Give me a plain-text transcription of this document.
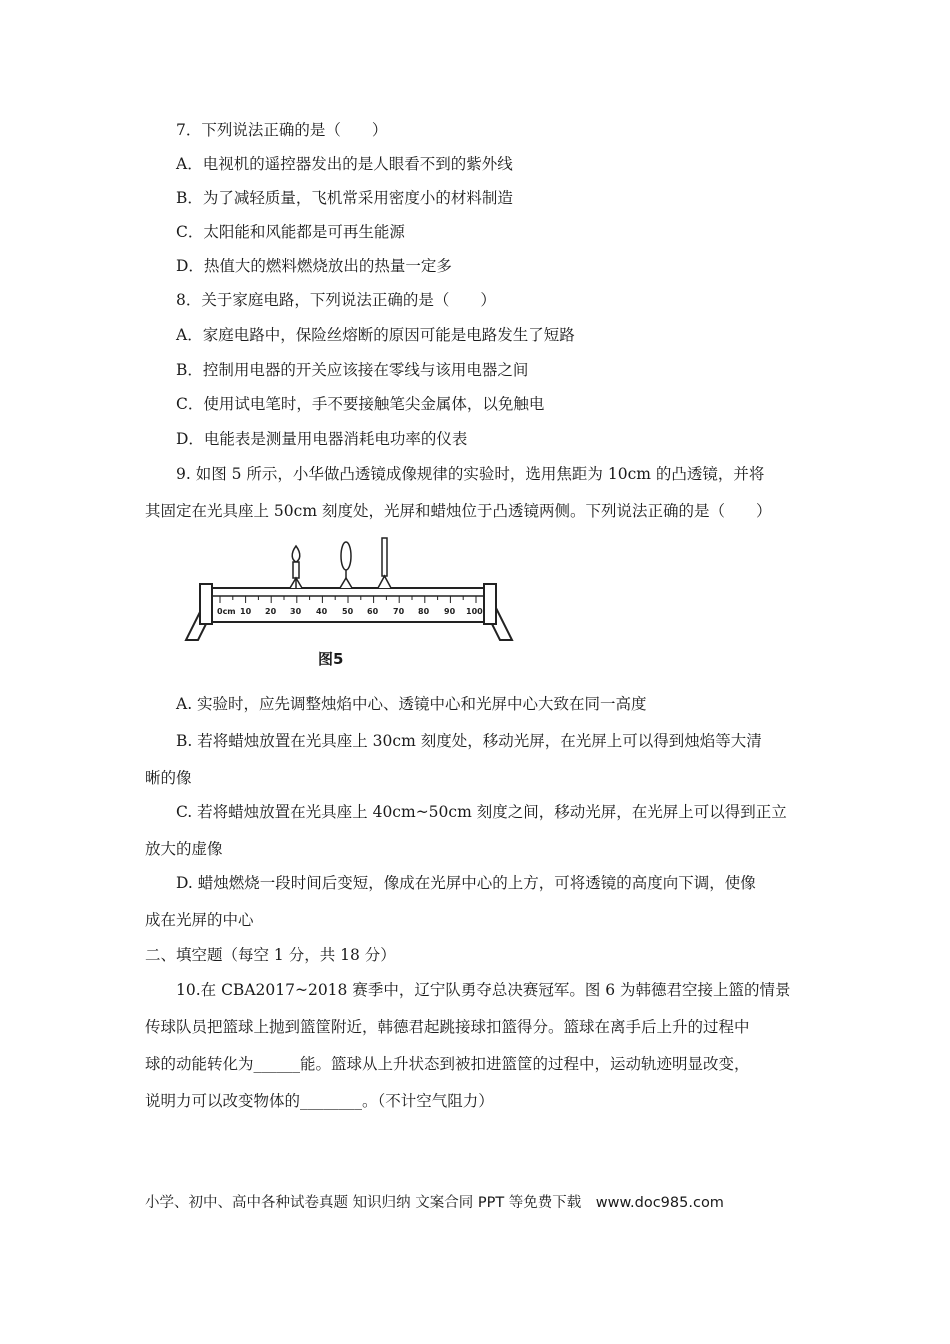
7．下列说法正确的是（　　）
A．电视机的遥控器发出的是人眼看不到的紫外线
B．为了减轻质量，飞机常采用密度小的材料制造
C．太阳能和风能都是可再生能源
D．热值大的燃料燃烧放出的热量一定多
8．关于家庭电路，下列说法正确的是（　　）
A．家庭电路中，保险丝熔断的原因可能是电路发生了短路
B．控制用电器的开关应该接在零线与该用电器之间
C．使用试电笔时，手不要接触笔尖金属体，以免触电
D．电能表是测量用电器消耗电功率的仪表
9. 如图 5 所示，小华做凸透镜成像规律的实验时，选用焦距为 10cm 的凸透镜，并将
其固定在光具座上 50cm 刻度处，光屏和蜡烛位于凸透镜两侧。下列说法正确的是（　　）
0cm 10 20 30 40 50 60 70 80 90 100
图5
A. 实验时，应先调整烛焰中心、透镜中心和光屏中心大致在同一高度
B. 若将蜡烛放置在光具座上 30cm 刻度处，移动光屏，在光屏上可以得到烛焰等大清
晰的像
C. 若将蜡烛放置在光具座上 40cm~50cm 刻度之间，移动光屏，在光屏上可以得到正立
放大的虚像
D. 蜡烛燃烧一段时间后变短，像成在光屏中心的上方，可将透镜的高度向下调，使像
成在光屏的中心
二、填空题（每空 1 分，共 18 分）
10.在 CBA2017~2018 赛季中，辽宁队勇夺总决赛冠军。图 6 为韩德君空接上篮的情景
传球队员把篮球上抛到篮筐附近，韩德君起跳接球扣篮得分。篮球在离手后上升的过程中
球的动能转化为______能。篮球从上升状态到被扣进篮筐的过程中，运动轨迹明显改变，
说明力可以改变物体的________。（不计空气阻力）
小学、初中、高中各种试卷真题 知识归纳 文案合同 PPT 等免费下载　www.doc985.com
